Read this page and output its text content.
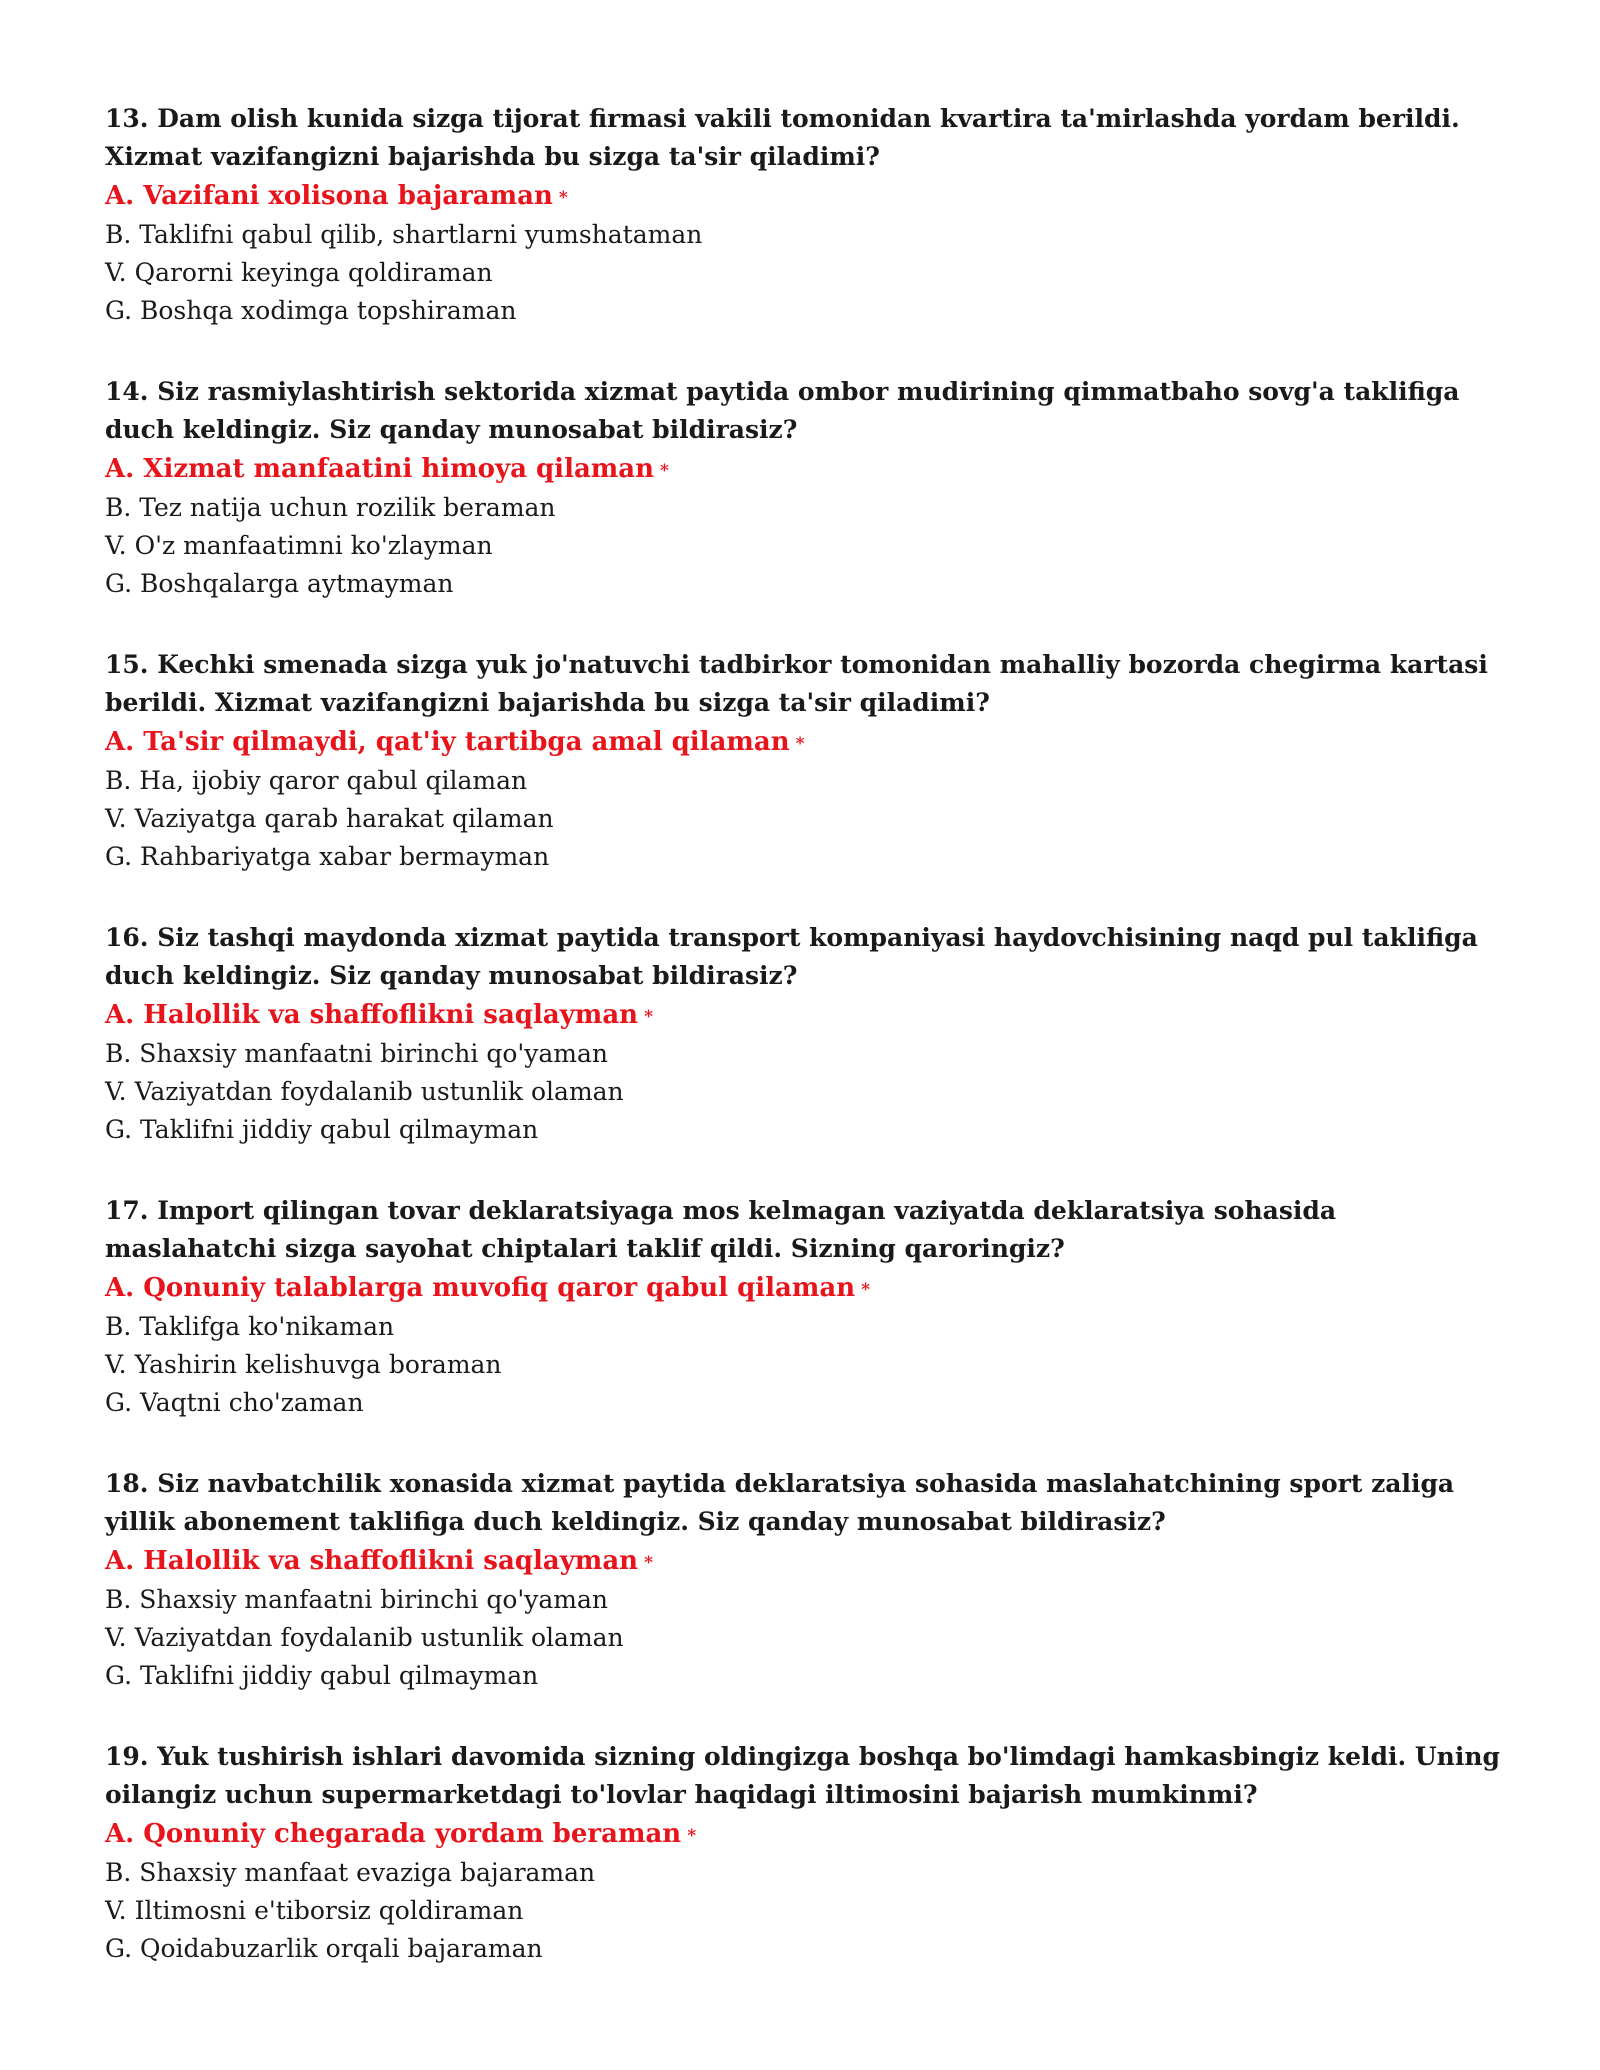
13. Dam olish kunida sizga tijorat firmasi vakili tomonidan kvartira ta'mirlashda yordam berildi. Xizmat vazifangizni bajarishda bu sizga ta'sir qiladimi?

A. Vazifani xolisona bajaraman *

B. Taklifni qabul qilib, shartlarni yumshataman

V. Qarorni keyinga qoldiraman

G. Boshqa xodimga topshiraman

14. Siz rasmiylashtirish sektorida xizmat paytida ombor mudirining qimmatbaho sovg'a taklifiga duch keldingiz. Siz qanday munosabat bildirasiz?

A. Xizmat manfaatini himoya qilaman *

B. Tez natija uchun rozilik beraman

V. O'z manfaatimni ko'zlayman

G. Boshqalarga aytmayman

15. Kechki smenada sizga yuk jo'natuvchi tadbirkor tomonidan mahalliy bozorda chegirma kartasi berildi. Xizmat vazifangizni bajarishda bu sizga ta'sir qiladimi?

A. Ta'sir qilmaydi, qat'iy tartibga amal qilaman *

B. Ha, ijobiy qaror qabul qilaman

V. Vaziyatga qarab harakat qilaman

G. Rahbariyatga xabar bermayman

16. Siz tashqi maydonda xizmat paytida transport kompaniyasi haydovchisining naqd pul taklifiga duch keldingiz. Siz qanday munosabat bildirasiz?

A. Halollik va shaffoflikni saqlayman *

B. Shaxsiy manfaatni birinchi qo'yaman

V. Vaziyatdan foydalanib ustunlik olaman

G. Taklifni jiddiy qabul qilmayman

17. Import qilingan tovar deklaratsiyaga mos kelmagan vaziyatda deklaratsiya sohasida maslahatchi sizga sayohat chiptalari taklif qildi. Sizning qaroringiz?

A. Qonuniy talablarga muvofiq qaror qabul qilaman *

B. Taklifga ko'nikaman

V. Yashirin kelishuvga boraman

G. Vaqtni cho'zaman

18. Siz navbatchilik xonasida xizmat paytida deklaratsiya sohasida maslahatchining sport zaliga yillik abonement taklifiga duch keldingiz. Siz qanday munosabat bildirasiz?

A. Halollik va shaffoflikni saqlayman *

B. Shaxsiy manfaatni birinchi qo'yaman

V. Vaziyatdan foydalanib ustunlik olaman

G. Taklifni jiddiy qabul qilmayman

19. Yuk tushirish ishlari davomida sizning oldingizga boshqa bo'limdagi hamkasbingiz keldi. Uning oilangiz uchun supermarketdagi to'lovlar haqidagi iltimosini bajarish mumkinmi?

A. Qonuniy chegarada yordam beraman *

B. Shaxsiy manfaat evaziga bajaraman

V. Iltimosni e'tiborsiz qoldiraman

G. Qoidabuzarlik orqali bajaraman
